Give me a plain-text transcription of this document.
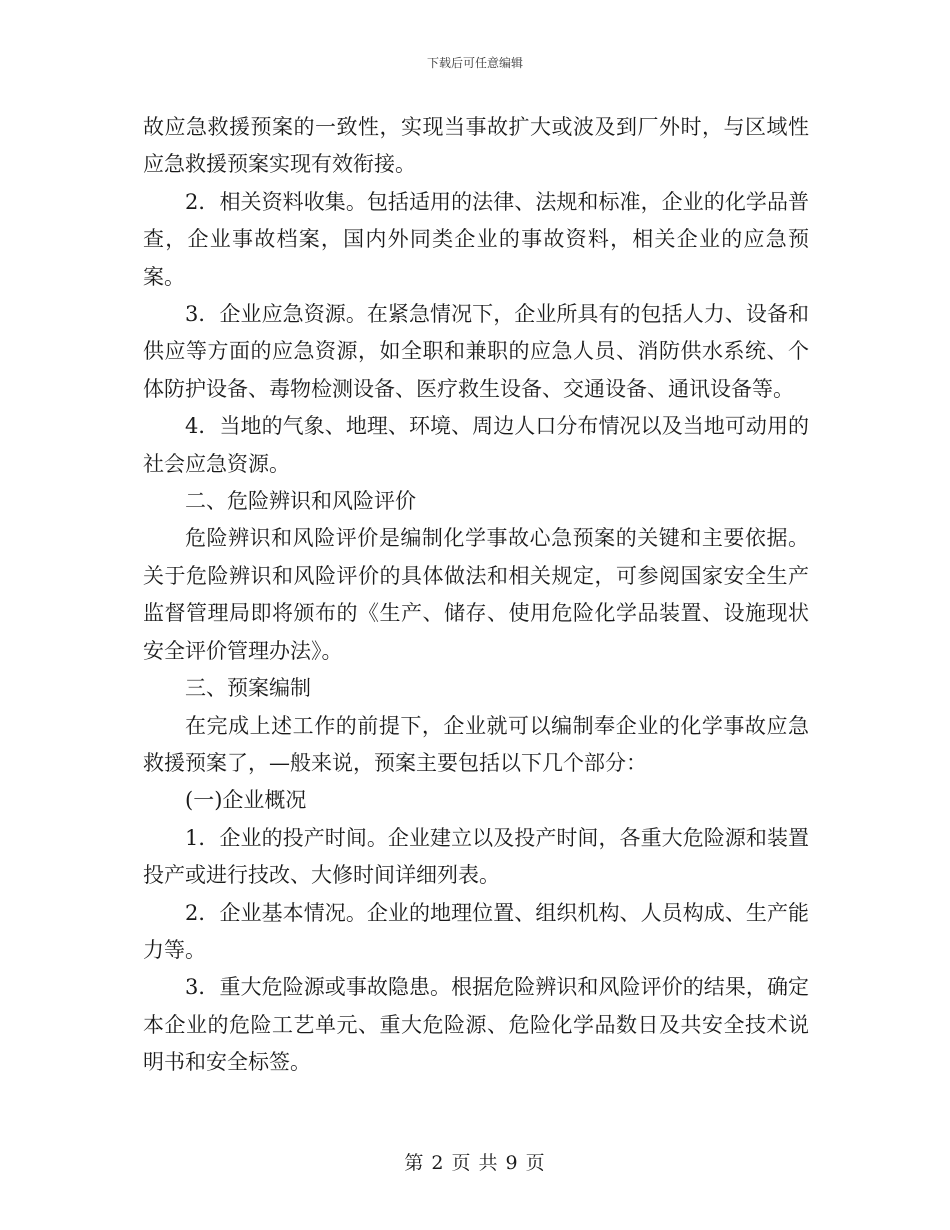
下载后可任意编辑

故应急救援预案的一致性，实现当事故扩大或波及到厂外时，与区域性应急救援预案实现有效衔接。

2．相关资料收集。包括适用的法律、法规和标准，企业的化学品普查，企业事故档案，国内外同类企业的事故资料，相关企业的应急预案。

3．企业应急资源。在紧急情况下，企业所具有的包括人力、设备和供应等方面的应急资源，如全职和兼职的应急人员、消防供水系统、个体防护设备、毒物检测设备、医疗救生设备、交通设备、通讯设备等。

4．当地的气象、地理、环境、周边人口分布情况以及当地可动用的社会应急资源。

二、危险辨识和风险评价

危险辨识和风险评价是编制化学事故心急预案的关键和主要依据。关于危险辨识和风险评价的具体做法和相关规定，可参阅国家安全生产监督管理局即将颁布的《生产、储存、使用危险化学品装置、设施现状安全评价管理办法》。

三、预案编制

在完成上述工作的前提下，企业就可以编制奉企业的化学事故应急救援预案了，—般来说，预案主要包括以下几个部分：

(一)企业概况

1．企业的投产时间。企业建立以及投产时间，各重大危险源和装置投产或进行技改、大修时间详细列表。

2．企业基本情况。企业的地理位置、组织机构、人员构成、生产能力等。

3．重大危险源或事故隐患。根据危险辨识和风险评价的结果，确定本企业的危险工艺单元、重大危险源、危险化学品数日及共安全技术说明书和安全标签。

第 2 页 共 9 页
